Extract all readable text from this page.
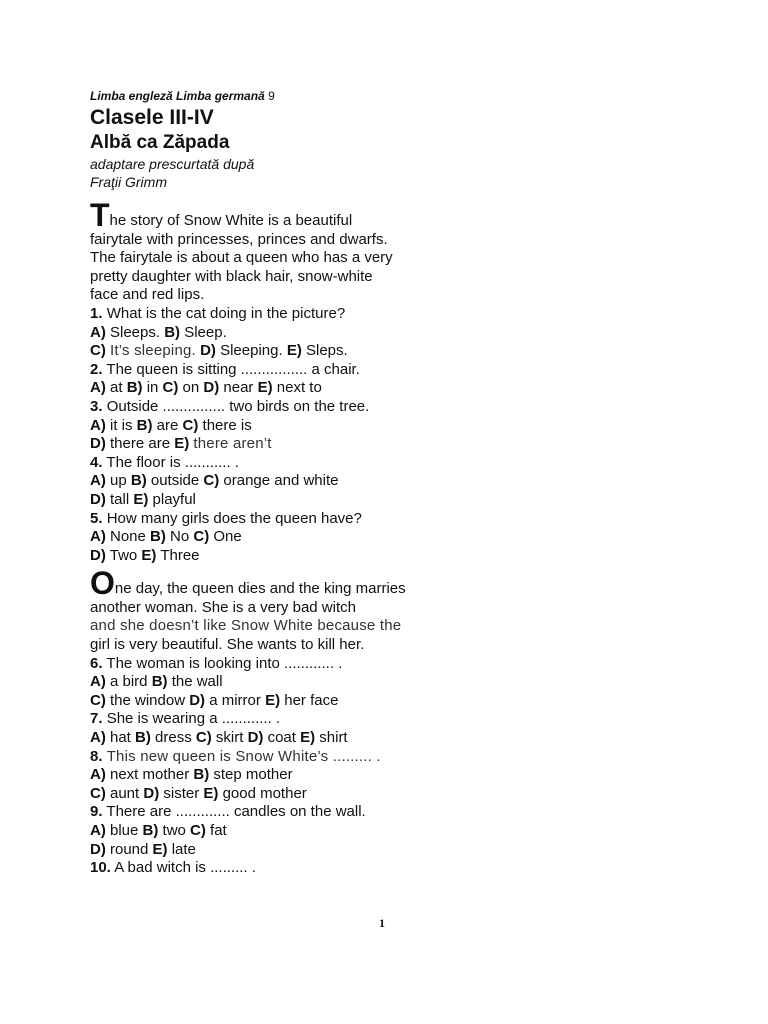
Limba engleză Limba germană 9
Clasele III-IV
Albă ca Zăpada
adaptare prescurtată după
Fraţii Grimm
The story of Snow White is a beautiful
fairytale with princesses, princes and dwarfs.
The fairytale is about a queen who has a very
pretty daughter with black hair, snow-white
face and red lips.
1. What is the cat doing in the picture?
A) Sleeps. B) Sleep.
C) It’s sleeping. D) Sleeping. E) Sleps.
2. The queen is sitting ................ a chair.
A) at B) in C) on D) near E) next to
3. Outside ............... two birds on the tree.
A) it is B) are C) there is
D) there are E) there aren’t
4. The floor is ........... .
A) up B) outside C) orange and white
D) tall E) playful
5. How many girls does the queen have?
A) None B) No C) One
D) Two E) Three
One day, the queen dies and the king marries
another woman. She is a very bad witch
and she doesn’t like Snow White because the
girl is very beautiful. She wants to kill her.
6. The woman is looking into ............ .
A) a bird B) the wall
C) the window D) a mirror E) her face
7. She is wearing a ............ .
A) hat B) dress C) skirt D) coat E) shirt
8. This new queen is Snow White’s ......... .
A) next mother B) step mother
C) aunt D) sister E) good mother
9. There are ............. candles on the wall.
A) blue B) two C) fat
D) round E) late
10. A bad witch is ......... .
1
